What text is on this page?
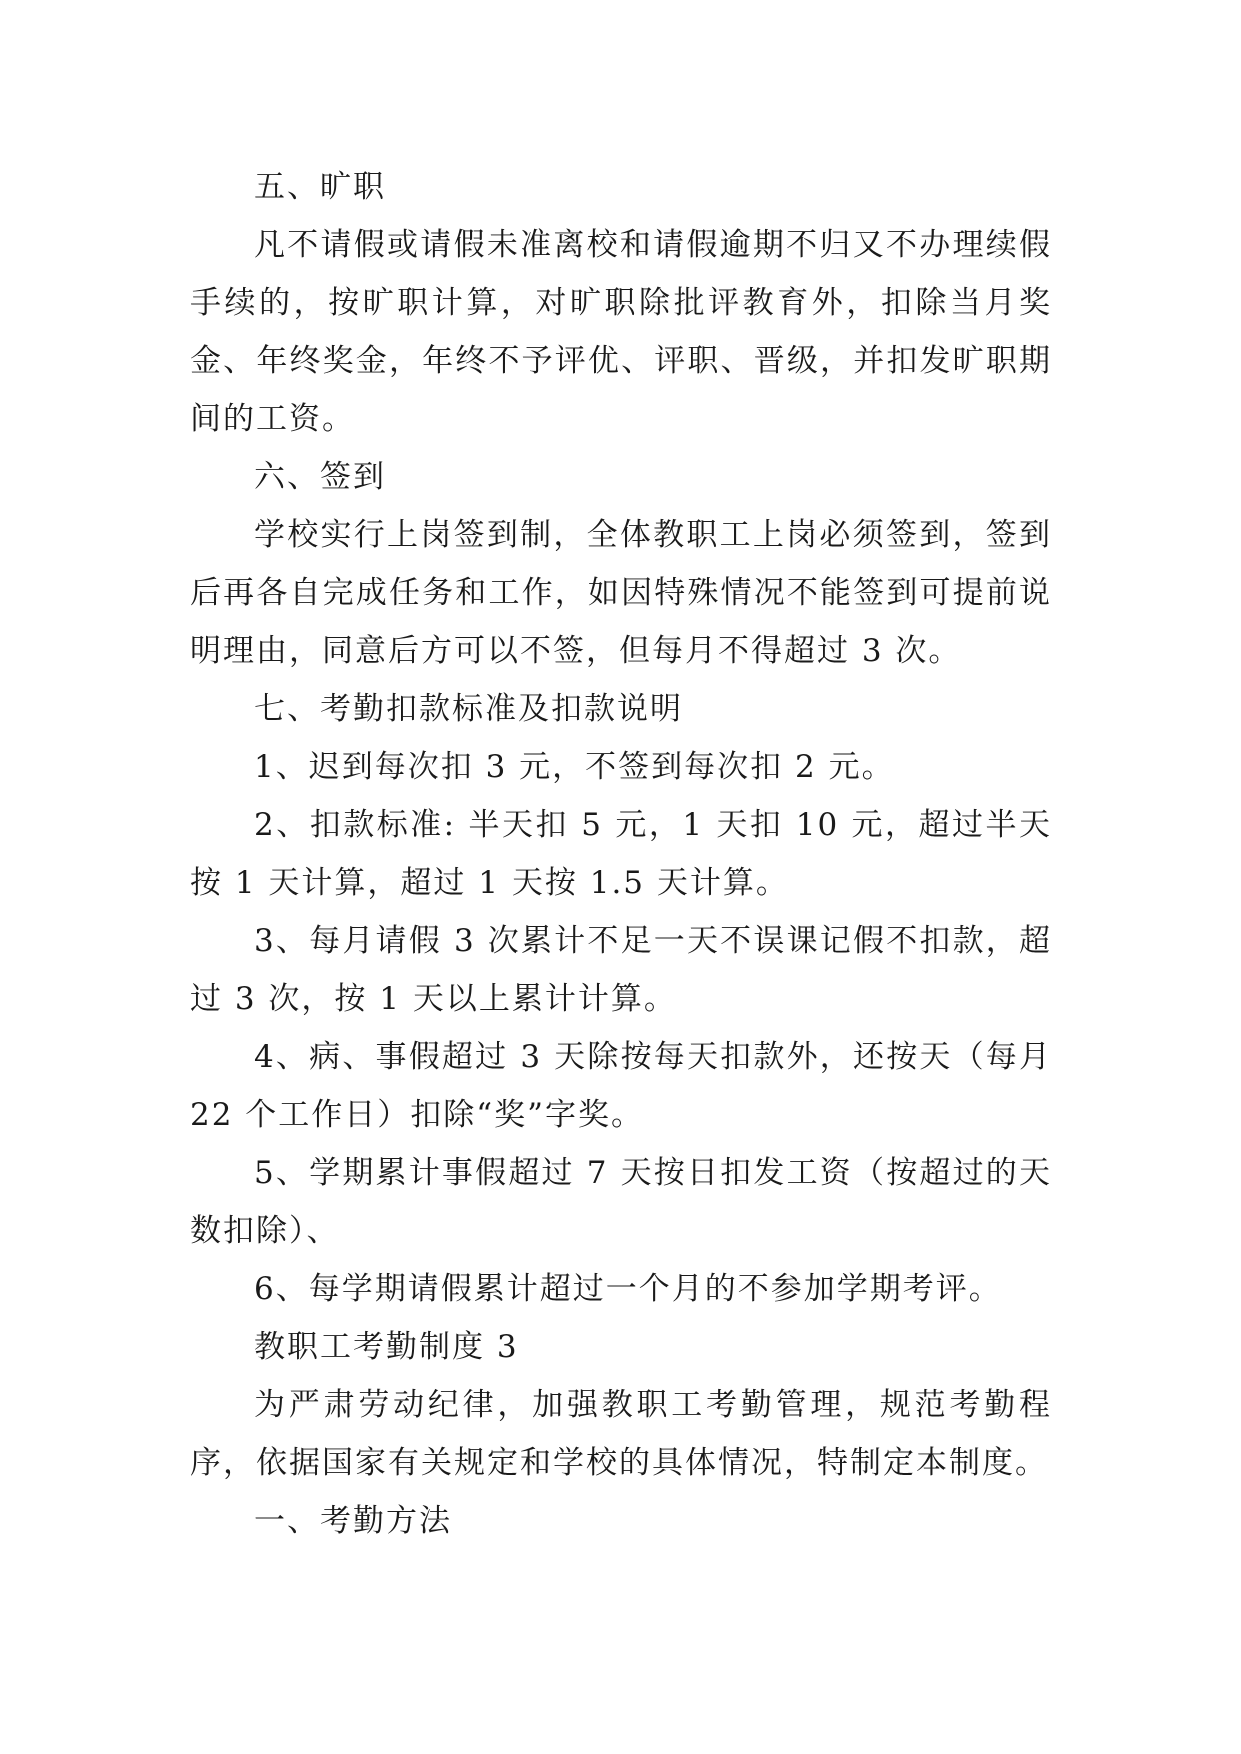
五、旷职

凡不请假或请假未准离校和请假逾期不归又不办理续假手续的，按旷职计算，对旷职除批评教育外，扣除当月奖金、年终奖金，年终不予评优、评职、晋级，并扣发旷职期间的工资。

六、签到

学校实行上岗签到制，全体教职工上岗必须签到，签到后再各自完成任务和工作，如因特殊情况不能签到可提前说明理由，同意后方可以不签，但每月不得超过 3 次。

七、考勤扣款标准及扣款说明

1、迟到每次扣 3 元，不签到每次扣 2 元。

2、扣款标准: 半天扣 5 元，1 天扣 10 元，超过半天按 1 天计算，超过 1 天按 1.5 天计算。

3、每月请假 3 次累计不足一天不误课记假不扣款，超过 3 次，按 1 天以上累计计算。

4、病、事假超过 3 天除按每天扣款外，还按天（每月 22 个工作日）扣除“奖”字奖。

5、学期累计事假超过 7 天按日扣发工资（按超过的天数扣除）、

6、每学期请假累计超过一个月的不参加学期考评。

教职工考勤制度 3

为严肃劳动纪律，加强教职工考勤管理，规范考勤程序，依据国家有关规定和学校的具体情况，特制定本制度。

一、考勤方法
